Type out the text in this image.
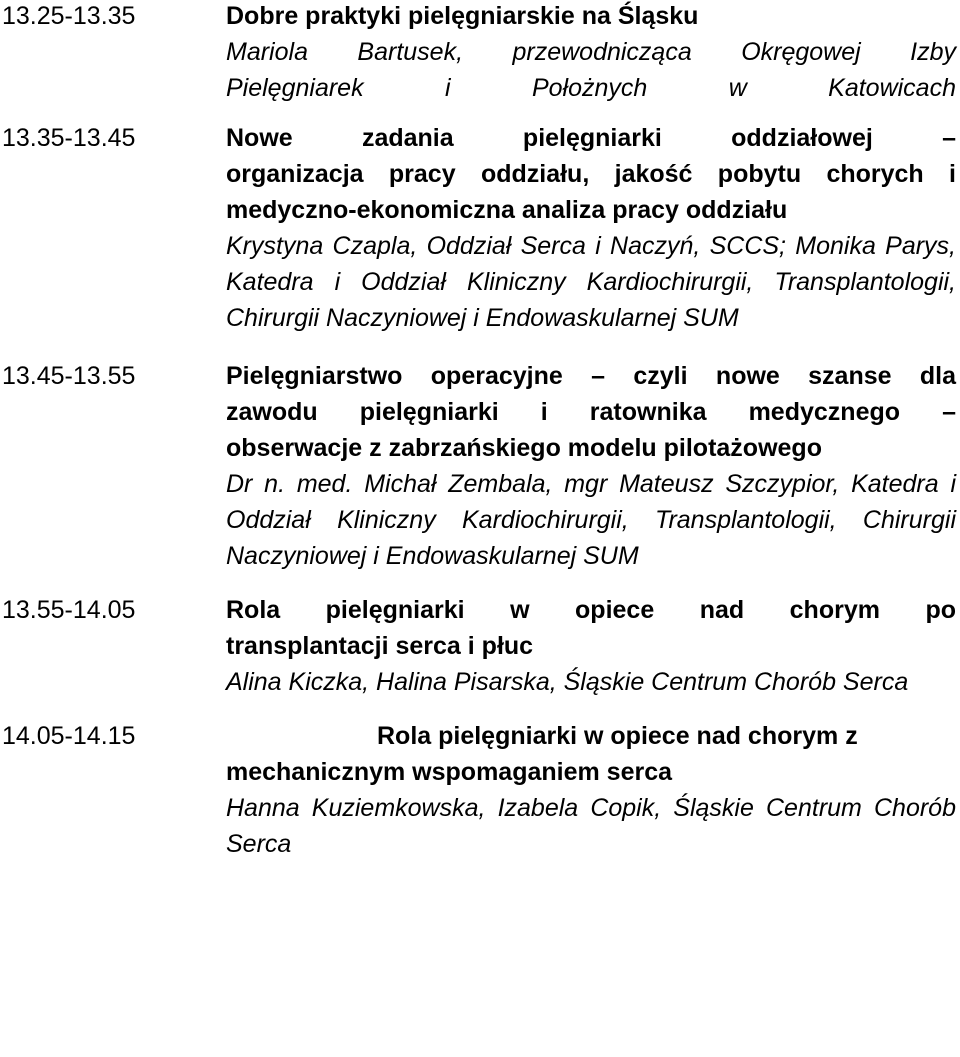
13.25-13.35	Dobre praktyki pielęgniarskie na Śląsku
Mariola Bartusek, przewodnicząca Okręgowej Izby
Pielęgniarek i Położnych w Katowicach
13.35-13.45	Nowe zadania pielęgniarki oddziałowej –
organizacja pracy oddziału, jakość pobytu chorych i medyczno-ekonomiczna analiza pracy oddziału
Krystyna Czapla, Oddział Serca i Naczyń, SCCS; Monika Parys, Katedra i Oddział Kliniczny Kardiochirurgii, Transplantologii, Chirurgii Naczyniowej i Endowaskularnej SUM
13.45-13.55	Pielęgniarstwo operacyjne – czyli nowe szanse dla
zawodu pielęgniarki i ratownika medycznego –
obserwacje z zabrzańskiego modelu pilotażowego
Dr n. med. Michał Zembala, mgr Mateusz Szczypior, Katedra i Oddział Kliniczny Kardiochirurgii, Transplantologii, Chirurgii Naczyniowej i Endowaskularnej SUM
13.55-14.05	Rola pielęgniarki w opiece nad chorym po
transplantacji serca i płuc
Alina Kiczka, Halina Pisarska, Śląskie Centrum Chorób Serca
14.05-14.15	Rola pielęgniarki w opiece nad chorym z
mechanicznym wspomaganiem serca
Hanna Kuziemkowska, Izabela Copik, Śląskie Centrum Chorób Serca
